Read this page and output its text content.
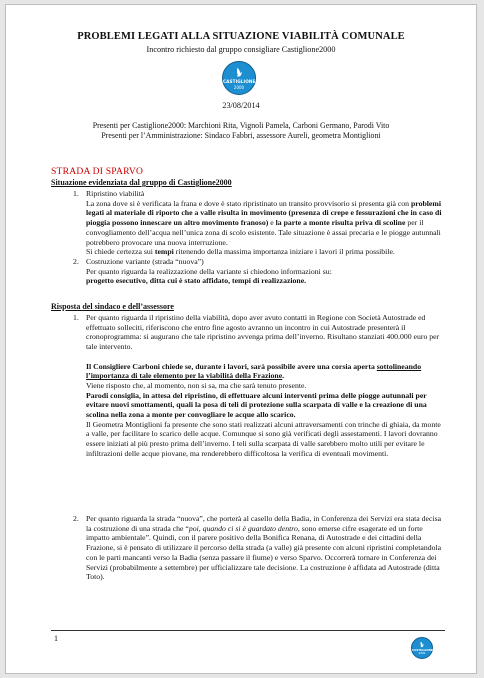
PROBLEMI LEGATI ALLA SITUAZIONE VIABILITÀ COMUNALE
Incontro richiesto dal gruppo consigliare Castiglione2000
CASTIGLIONE
2000
23/08/2014
Presenti per Castiglione2000: Marchioni Rita, Vignoli Pamela, Carboni Germano, Parodi Vito
Presenti per l’Amministrazione: Sindaco Fabbri, assessore Aureli, geometra Montiglioni
STRADA DI SPARVO
Situazione evidenziata dal gruppo di Castiglione2000
1. Ripristino viabilità

La zona dove si è verificata la frana e dove è stato ripristinato un transito provvisorio si presenta già con problemi legati al materiale di riporto che a valle risulta in movimento (presenza di crepe e fessurazioni che in caso di pioggia possono innescare un altro movimento franoso) e la parte a monte risulta priva di scoline per il convogliamento dell’acqua nell’unica zona di scolo esistente. Tale situazione è assai precaria e le piogge autunnali potrebbero provocare una nuova interruzione.

Si chiede certezza sui tempi ritenendo della massima importanza iniziare i lavori il prima possibile.

2. Costruzione variante (strada “nuova”)

Per quanto riguarda la realizzazione della variante si chiedono informazioni su:

progetto esecutivo, ditta cui è stato affidato, tempi di realizzazione.

Risposta del sindaco e dell’assessore
1. Per quanto riguarda il ripristino della viabilità, dopo aver avuto contatti in Regione con Società Autostrade ed effettuato solleciti, riferiscono che entro fine agosto avranno un incontro in cui Autostrade presenterà il cronoprogramma: si augurano che tale ripristino avvenga prima dell’inverno. Risultano stanziati 400.000 euro per tale intervento.

Il Consigliere Carboni chiede se, durante i lavori, sarà possibile avere una corsia aperta sottolineando l’importanza di tale elemento per la viabilità della Frazione.

Viene risposto che, al momento, non si sa, ma che sarà tenuto presente.

Parodi consiglia, in attesa del ripristino, di effettuare alcuni interventi prima delle piogge autunnali per evitare nuovi smottamenti, quali la posa di teli di protezione sulla scarpata di valle e la creazione di una scolina nella zona a monte per convogliare le acque allo scarico.

Il Geometra Montiglioni fa presente che sono stati realizzati alcuni attraversamenti con trinche di ghiaia, da monte a valle, per facilitare lo scarico delle acque. Comunque si sono già verificati degli assestamenti. I lavori dovranno essere iniziati al più presto prima dell’inverno. I teli sulla scarpata di valle sarebbero molto utili per evitare le infiltrazioni delle acque piovane, ma renderebbero difficoltosa la verifica di eventuali movimenti.

2. Per quanto riguarda la strada “nuova”, che porterà al casello della Badia, in Conferenza dei Servizi era stata decisa la costruzione di una strada che “poi, quando ci si è guardato dentro, sono emerse cifre esagerate ed un forte impatto ambientale”. Quindi, con il parere positivo della Bonifica Renana, di Autostrade e dei cittadini della Frazione, si è pensato di utilizzare il percorso della strada (a valle) già presente con alcuni ripristini completandola con le parti mancanti verso la Badia (senza passare il fiume) e verso Sparvo. Occorrerà tornare in Conferenza dei Servizi (probabilmente a settembre) per ufficializzare tale decisione. La costruzione è affidata ad Autostrade (ditta Toto).

1
CASTIGLIONE
2000
